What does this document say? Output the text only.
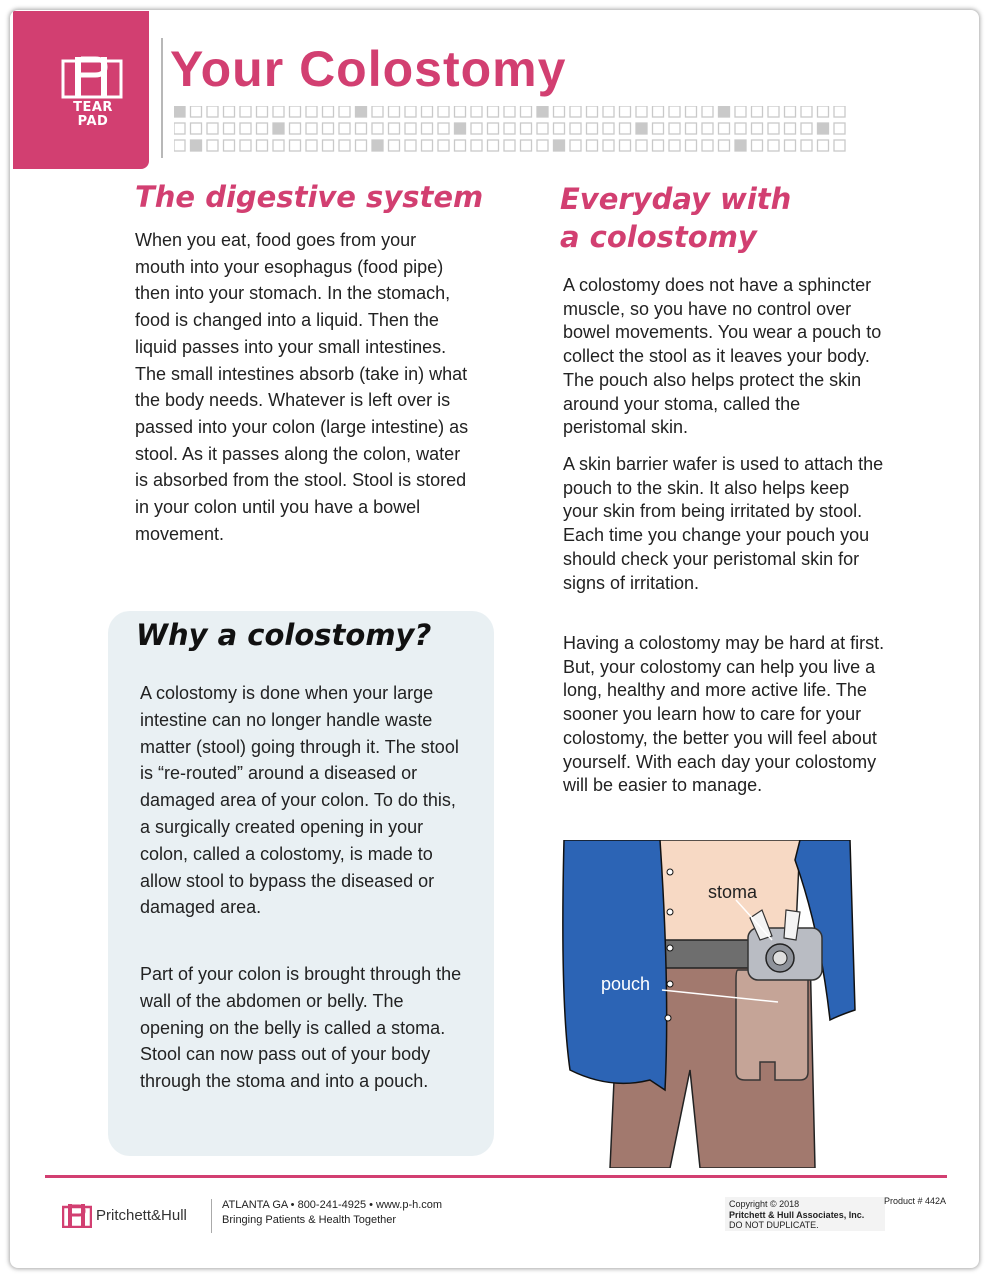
TEAR
PAD
Your Colostomy
The digestive system

When you eat, food goes from your mouth into your esophagus (food pipe) then into your stomach. In the stomach, food is changed into a liquid. Then the liquid passes into your small intestines. The small intestines absorb (take in) what the body needs. Whatever is left over is passed into your colon (large intestine) as stool. As it passes along the colon, water is absorbed from the stool. Stool is stored in your colon until you have a bowel movement.

Why a colostomy?

A colostomy is done when your large intestine can no longer handle waste matter (stool) going through it. The stool is “re-routed” around a diseased or damaged area of your colon. To do this, a surgically created opening in your colon, called a colostomy, is made to allow stool to bypass the diseased or damaged area.

Part of your colon is brought through the wall of the abdomen or belly. The opening on the belly is called a stoma. Stool can now pass out of your body through the stoma and into a pouch.

Everyday with
a colostomy

A colostomy does not have a sphincter muscle, so you have no control over bowel movements. You wear a pouch to collect the stool as it leaves your body. The pouch also helps protect the skin around your stoma, called the peristomal skin.

A skin barrier wafer is used to attach the pouch to the skin. It also helps keep your skin from being irritated by stool. Each time you change your pouch you should check your peristomal skin for signs of irritation.

Having a colostomy may be hard at first. But, your colostomy can help you live a long, healthy and more active life. The sooner you learn how to care for your colostomy, the better you will feel about yourself. With each day your colostomy will be easier to manage.

stoma
pouch
Pritchett&Hull
ATLANTA GA • 800-241-4925 • www.p-h.com
Bringing Patients & Health Together
Copyright © 2018
Pritchett & Hull Associates, Inc.
DO NOT DUPLICATE.
Product # 442A
